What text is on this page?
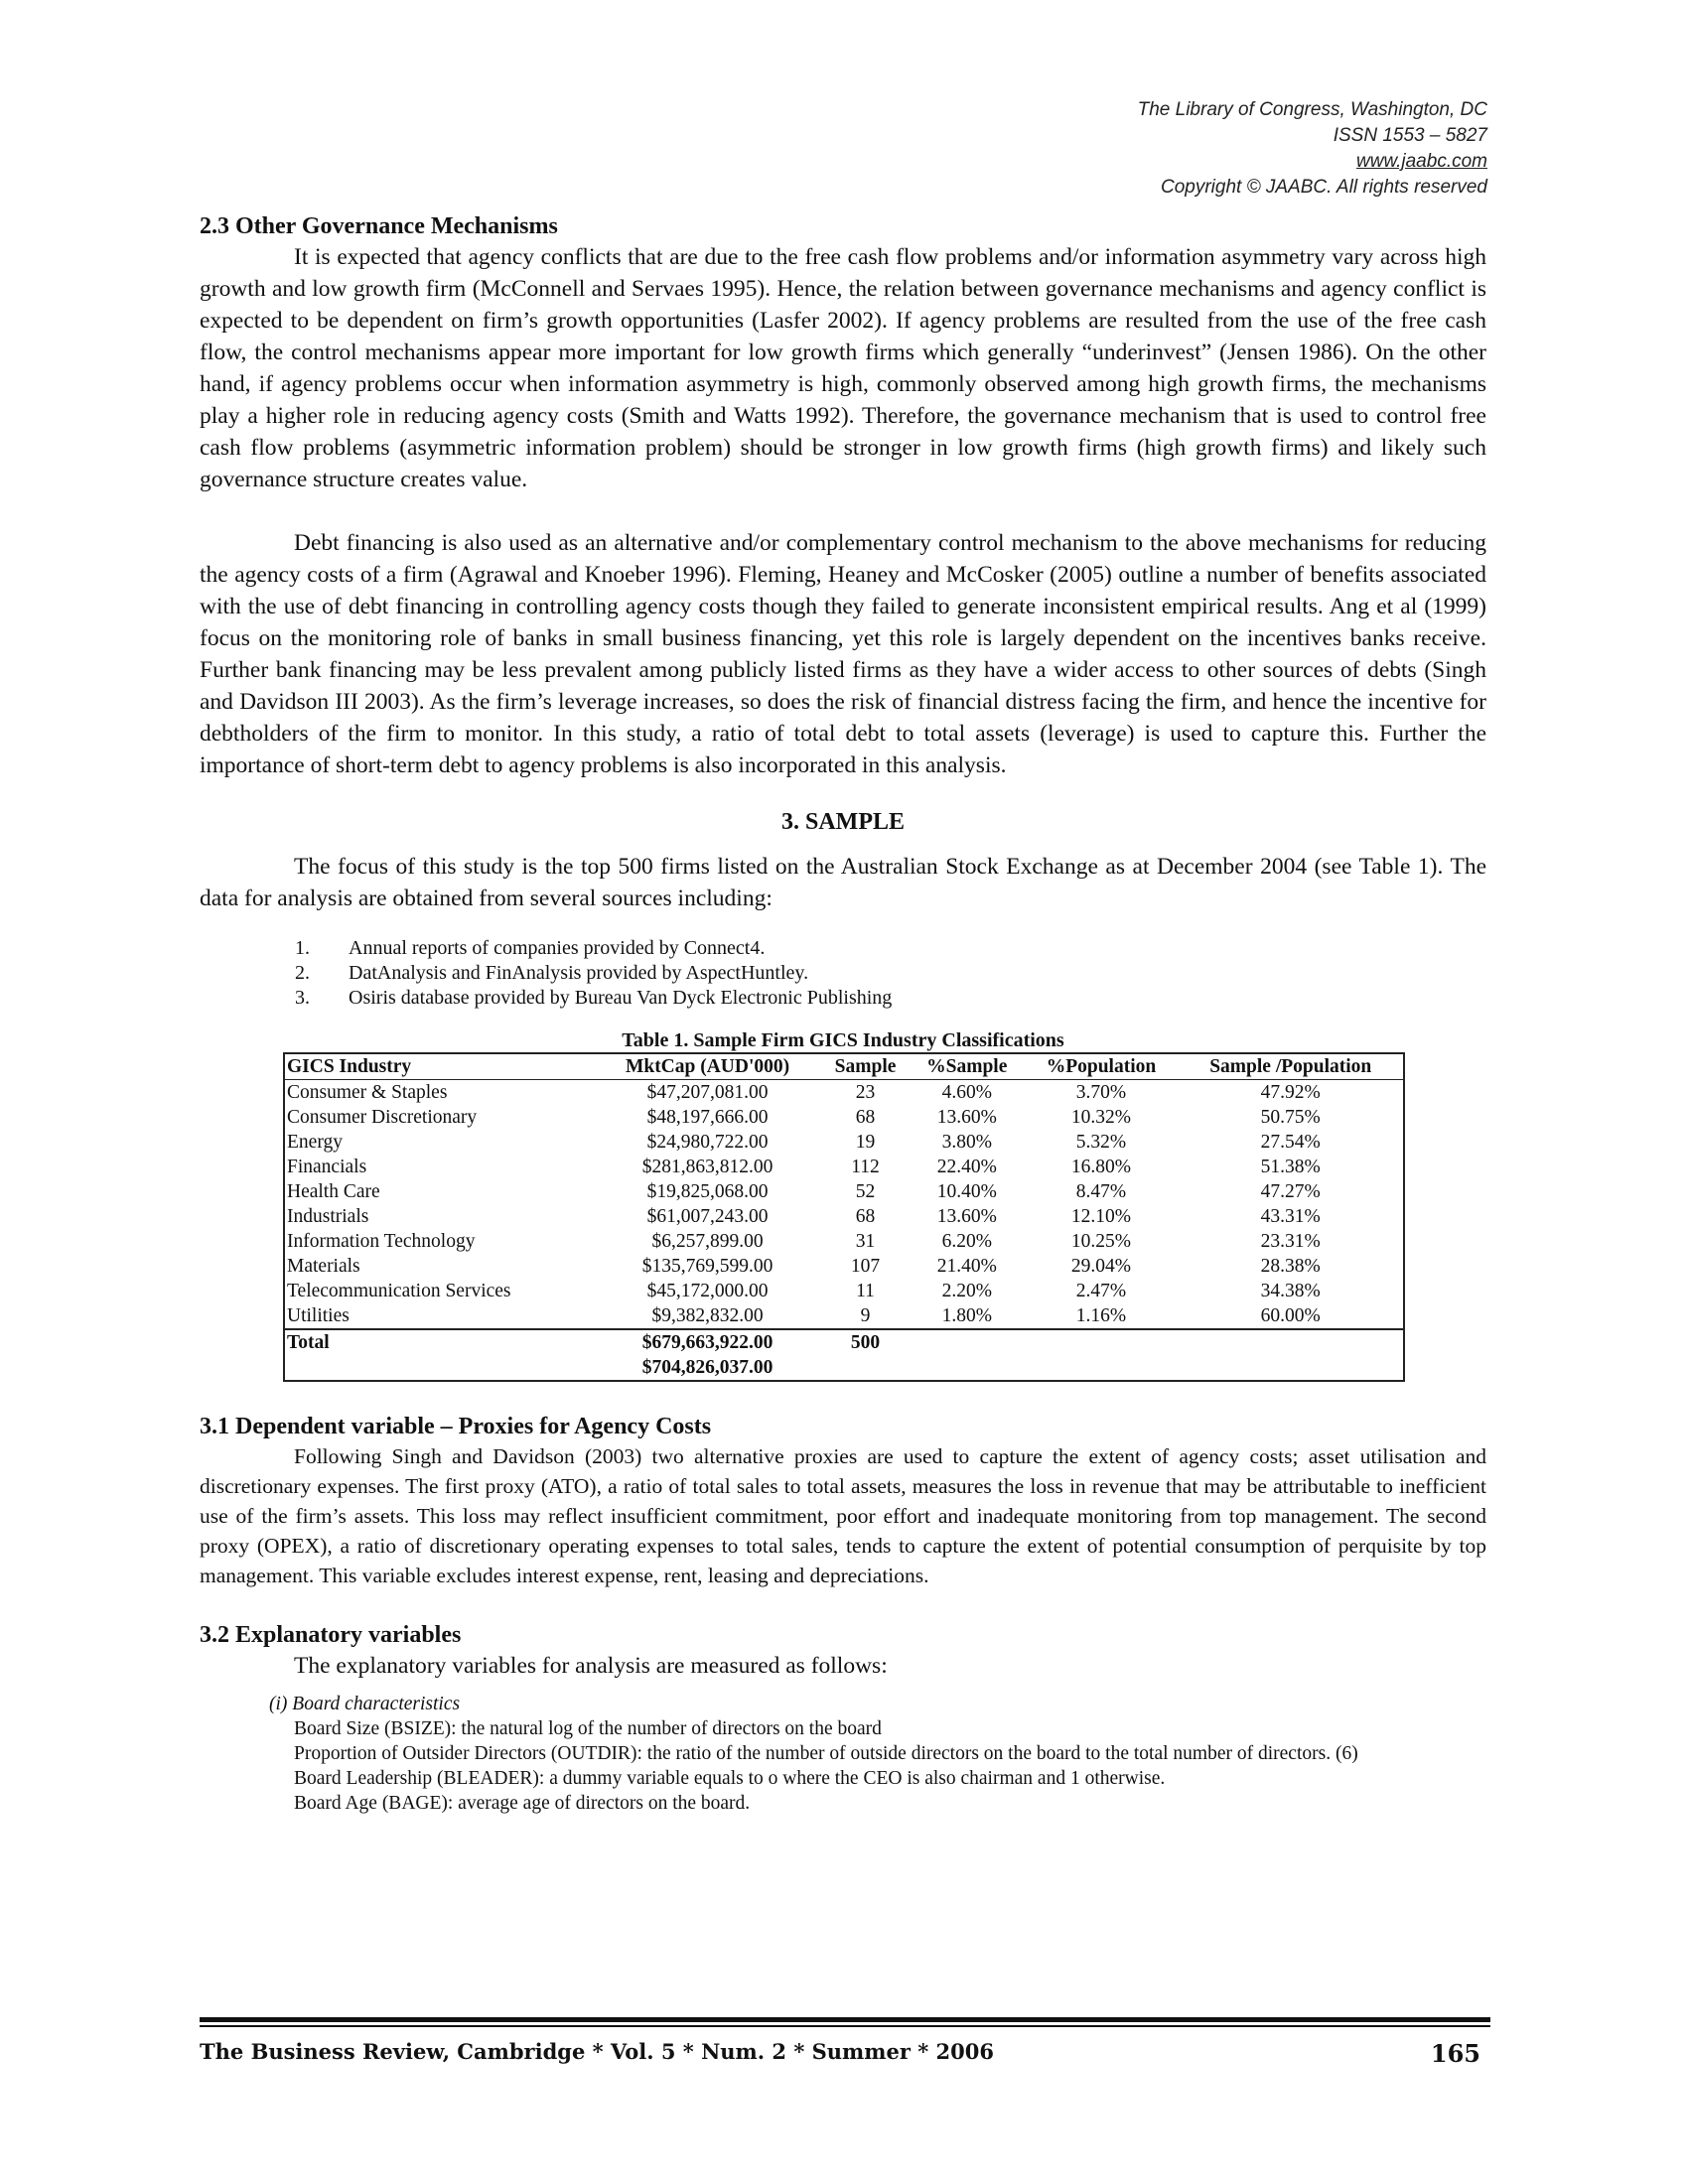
The Library of Congress, Washington, DC
ISSN 1553 – 5827
www.jaabc.com
Copyright © JAABC. All rights reserved
2.3 Other Governance Mechanisms

It is expected that agency conflicts that are due to the free cash flow problems and/or information asymmetry vary across high growth and low growth firm (McConnell and Servaes 1995). Hence, the relation between governance mechanisms and agency conflict is expected to be dependent on firm’s growth opportunities (Lasfer 2002). If agency problems are resulted from the use of the free cash flow, the control mechanisms appear more important for low growth firms which generally “underinvest” (Jensen 1986). On the other hand, if agency problems occur when information asymmetry is high, commonly observed among high growth firms, the mechanisms play a higher role in reducing agency costs (Smith and Watts 1992). Therefore, the governance mechanism that is used to control free cash flow problems (asymmetric information problem) should be stronger in low growth firms (high growth firms) and likely such governance structure creates value.

Debt financing is also used as an alternative and/or complementary control mechanism to the above mechanisms for reducing the agency costs of a firm (Agrawal and Knoeber 1996). Fleming, Heaney and McCosker (2005) outline a number of benefits associated with the use of debt financing in controlling agency costs though they failed to generate inconsistent empirical results. Ang et al (1999) focus on the monitoring role of banks in small business financing, yet this role is largely dependent on the incentives banks receive. Further bank financing may be less prevalent among publicly listed firms as they have a wider access to other sources of debts (Singh and Davidson III 2003). As the firm’s leverage increases, so does the risk of financial distress facing the firm, and hence the incentive for debtholders of the firm to monitor. In this study, a ratio of total debt to total assets (leverage) is used to capture this. Further the importance of short-term debt to agency problems is also incorporated in this analysis.

3. SAMPLE

The focus of this study is the top 500 firms listed on the Australian Stock Exchange as at December 2004 (see Table 1). The data for analysis are obtained from several sources including:

1. Annual reports of companies provided by Connect4.
2. DatAnalysis and FinAnalysis provided by AspectHuntley.
3. Osiris database provided by Bureau Van Dyck Electronic Publishing
Table 1. Sample Firm GICS Industry Classifications
GICS Industry	MktCap (AUD'000)	Sample	%Sample	%Population	Sample /Population
Consumer & Staples	$47,207,081.00	23	4.60%	3.70%	47.92%
Consumer Discretionary	$48,197,666.00	68	13.60%	10.32%	50.75%
Energy	$24,980,722.00	19	3.80%	5.32%	27.54%
Financials	$281,863,812.00	112	22.40%	16.80%	51.38%
Health Care	$19,825,068.00	52	10.40%	8.47%	47.27%
Industrials	$61,007,243.00	68	13.60%	12.10%	43.31%
Information Technology	$6,257,899.00	31	6.20%	10.25%	23.31%
Materials	$135,769,599.00	107	21.40%	29.04%	28.38%
Telecommunication Services	$45,172,000.00	11	2.20%	2.47%	34.38%
Utilities	$9,382,832.00	9	1.80%	1.16%	60.00%
Total	$679,663,922.00	500			
	$704,826,037.00				
3.1 Dependent variable – Proxies for Agency Costs

Following Singh and Davidson (2003) two alternative proxies are used to capture the extent of agency costs; asset utilisation and discretionary expenses. The first proxy (ATO), a ratio of total sales to total assets, measures the loss in revenue that may be attributable to inefficient use of the firm’s assets. This loss may reflect insufficient commitment, poor effort and inadequate monitoring from top management. The second proxy (OPEX), a ratio of discretionary operating expenses to total sales, tends to capture the extent of potential consumption of perquisite by top management. This variable excludes interest expense, rent, leasing and depreciations.

3.2 Explanatory variables

The explanatory variables for analysis are measured as follows:

(i) Board characteristics
Board Size (BSIZE): the natural log of the number of directors on the board
Proportion of Outsider Directors (OUTDIR): the ratio of the number of outside directors on the board to the total number of directors. (6)
Board Leadership (BLEADER): a dummy variable equals to o where the CEO is also chairman and 1 otherwise.
Board Age (BAGE): average age of directors on the board.
The Business Review, Cambridge * Vol. 5 * Num. 2 * Summer * 2006	165
